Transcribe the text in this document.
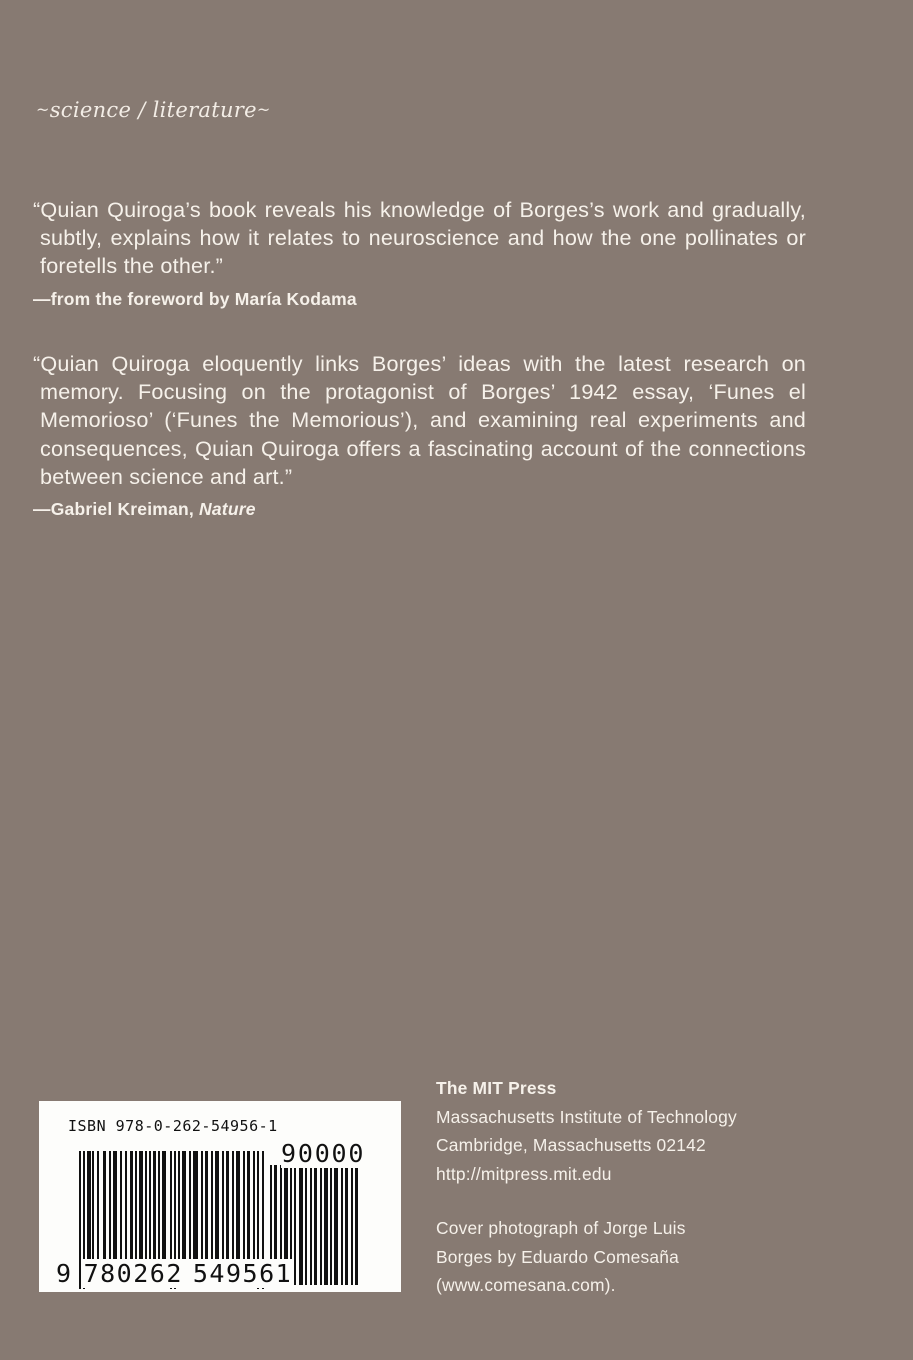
~science / literature~
“Quian Quiroga’s book reveals his knowledge of Borges’s work and gradually, subtly, explains how it relates to neuroscience and how the one pollinates or foretells the other.”
—from the foreword by María Kodama
“Quian Quiroga eloquently links Borges’ ideas with the latest research on memory. Focusing on the protagonist of Borges’ 1942 essay, ‘Funes el Memorioso’ (‘Funes the Memorious’), and examining real experiments and consequences, Quian Quiroga offers a fascinating account of the connections between science and art.”
—Gabriel Kreiman, Nature
ISBN 978-0-262-54956-1
90000
9 780262 549561
The MIT Press
Massachusetts Institute of Technology
Cambridge, Massachusetts 02142
http://mitpress.mit.edu
Cover photograph of Jorge Luis
Borges by Eduardo Comesaña
(www.comesana.com).
